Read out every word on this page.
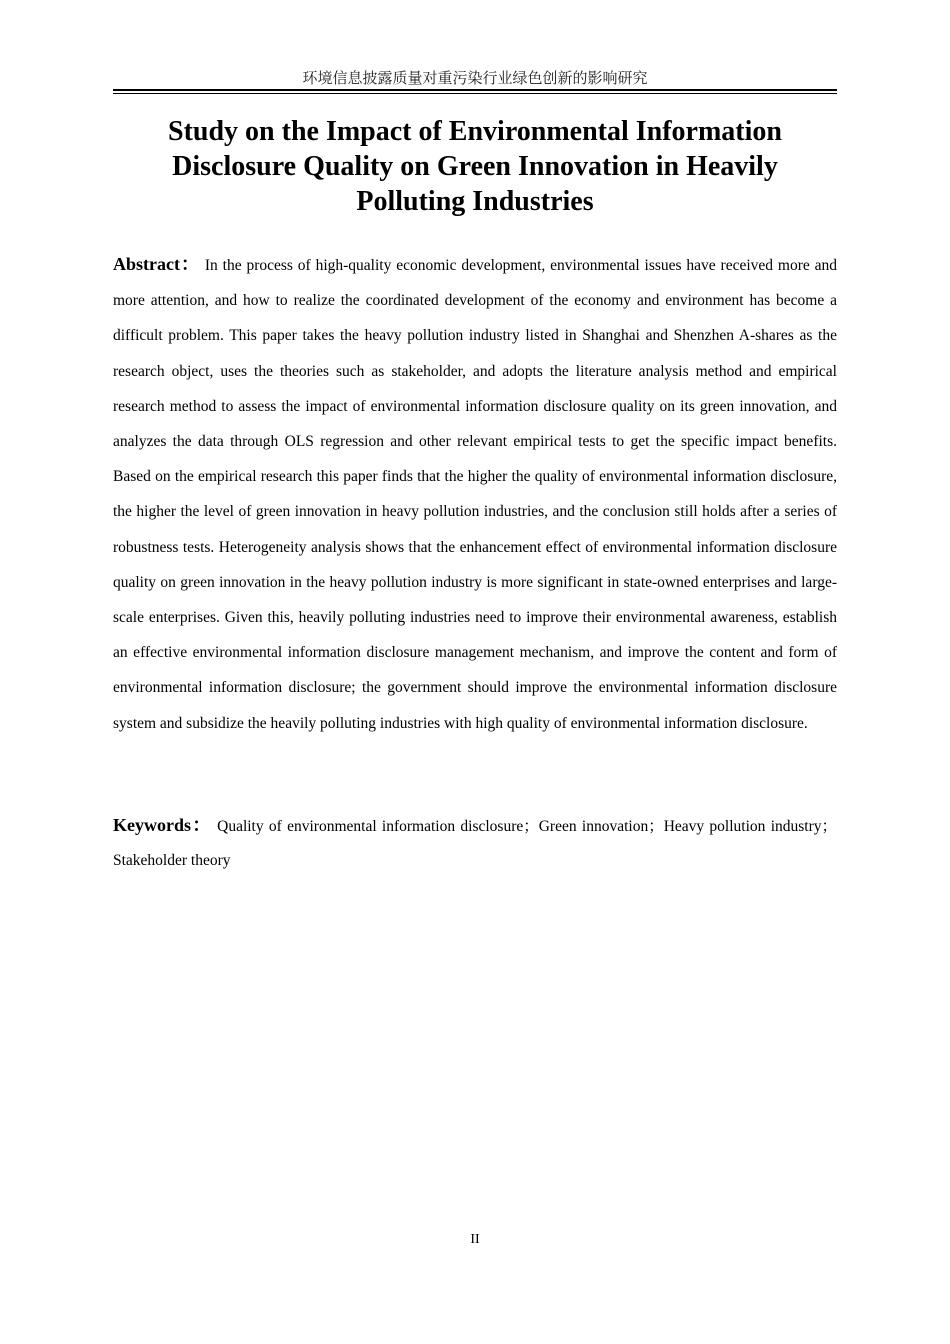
环境信息披露质量对重污染行业绿色创新的影响研究
Study on the Impact of Environmental Information Disclosure Quality on Green Innovation in Heavily Polluting Industries

Abstract： In the process of high-quality economic development, environmental issues have received more and more attention, and how to realize the coordinated development of the economy and environment has become a difficult problem. This paper takes the heavy pollution industry listed in Shanghai and Shenzhen A-shares as the research object, uses the theories such as stakeholder, and adopts the literature analysis method and empirical research method to assess the impact of environmental information disclosure quality on its green innovation, and analyzes the data through OLS regression and other relevant empirical tests to get the specific impact benefits. Based on the empirical research this paper finds that the higher the quality of environmental information disclosure, the higher the level of green innovation in heavy pollution industries, and the conclusion still holds after a series of robustness tests. Heterogeneity analysis shows that the enhancement effect of environmental information disclosure quality on green innovation in the heavy pollution industry is more significant in state-owned enterprises and large-scale enterprises. Given this, heavily polluting industries need to improve their environmental awareness, establish an effective environmental information disclosure management mechanism, and improve the content and form of environmental information disclosure; the government should improve the environmental information disclosure system and subsidize the heavily polluting industries with high quality of environmental information disclosure.

Keywords： Quality of environmental information disclosure；Green innovation；Heavy pollution industry；Stakeholder theory

II
